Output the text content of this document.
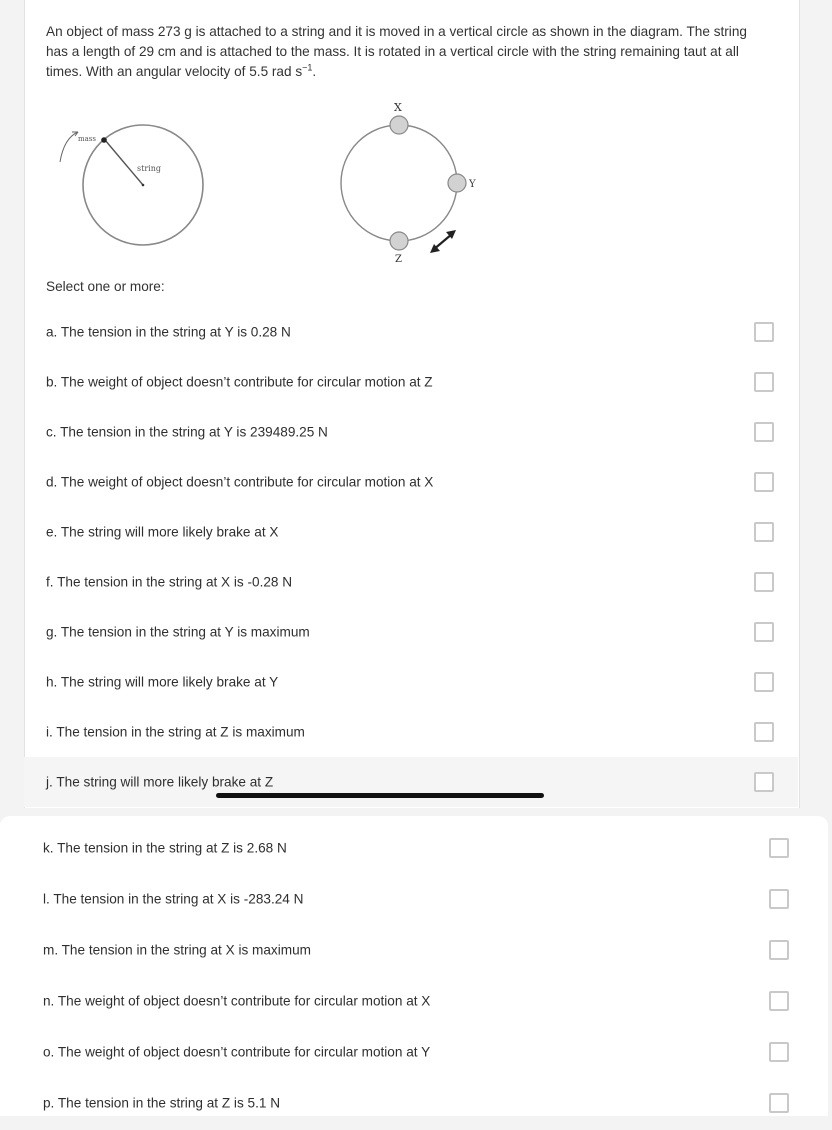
An object of mass 273 g is attached to a string and it is moved in a vertical circle as shown in the diagram. The string has a length of 29 cm and is attached to the mass. It is rotated in a vertical circle with the string remaining taut at all times. With an angular velocity of 5.5 rad $s^{-1}$.
mass
string
X
Y
Z
Select one or more:
a. The tension in the string at Y is 0.28 N
b. The weight of object doesn’t contribute for circular motion at Z
c. The tension in the string at Y is 239489.25 N
d. The weight of object doesn’t contribute for circular motion at X
e. The string will more likely brake at X
f. The tension in the string at X is -0.28 N
g. The tension in the string at Y is maximum
h. The string will more likely brake at Y
i. The tension in the string at Z is maximum
j. The string will more likely brake at Z
k. The tension in the string at Z is 2.68 N
l. The tension in the string at X is -283.24 N
m. The tension in the string at X is maximum
n. The weight of object doesn’t contribute for circular motion at X
o. The weight of object doesn’t contribute for circular motion at Y
p. The tension in the string at Z is 5.1 N
